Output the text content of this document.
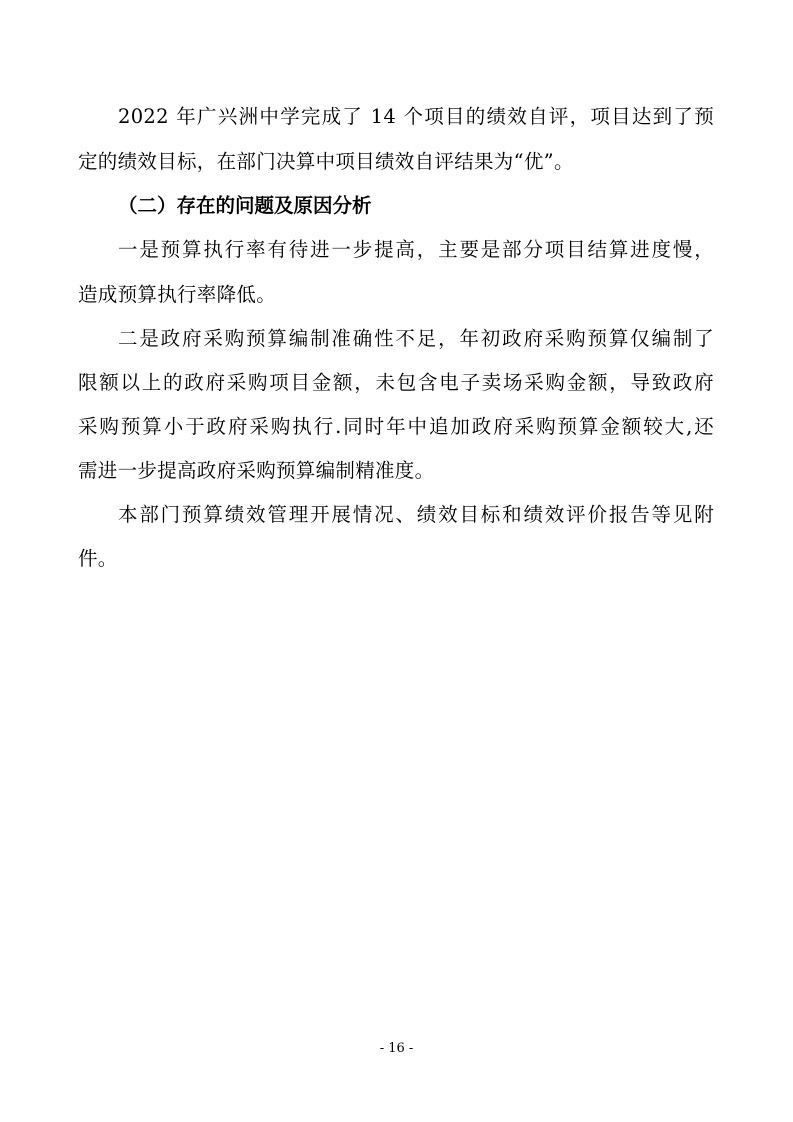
2022 年广兴洲中学完成了 14 个项目的绩效自评，项目达到了预

定的绩效目标，在部门决算中项目绩效自评结果为“优”。

（二）存在的问题及原因分析

一是预算执行率有待进一步提高，主要是部分项目结算进度慢，

造成预算执行率降低。

二是政府采购预算编制准确性不足，年初政府采购预算仅编制了

限额以上的政府采购项目金额，未包含电子卖场采购金额，导致政府

采购预算小于政府采购执行.同时年中追加政府采购预算金额较大,还

需进一步提高政府采购预算编制精准度。

本部门预算绩效管理开展情况、绩效目标和绩效评价报告等见附

件。

- 16 -
